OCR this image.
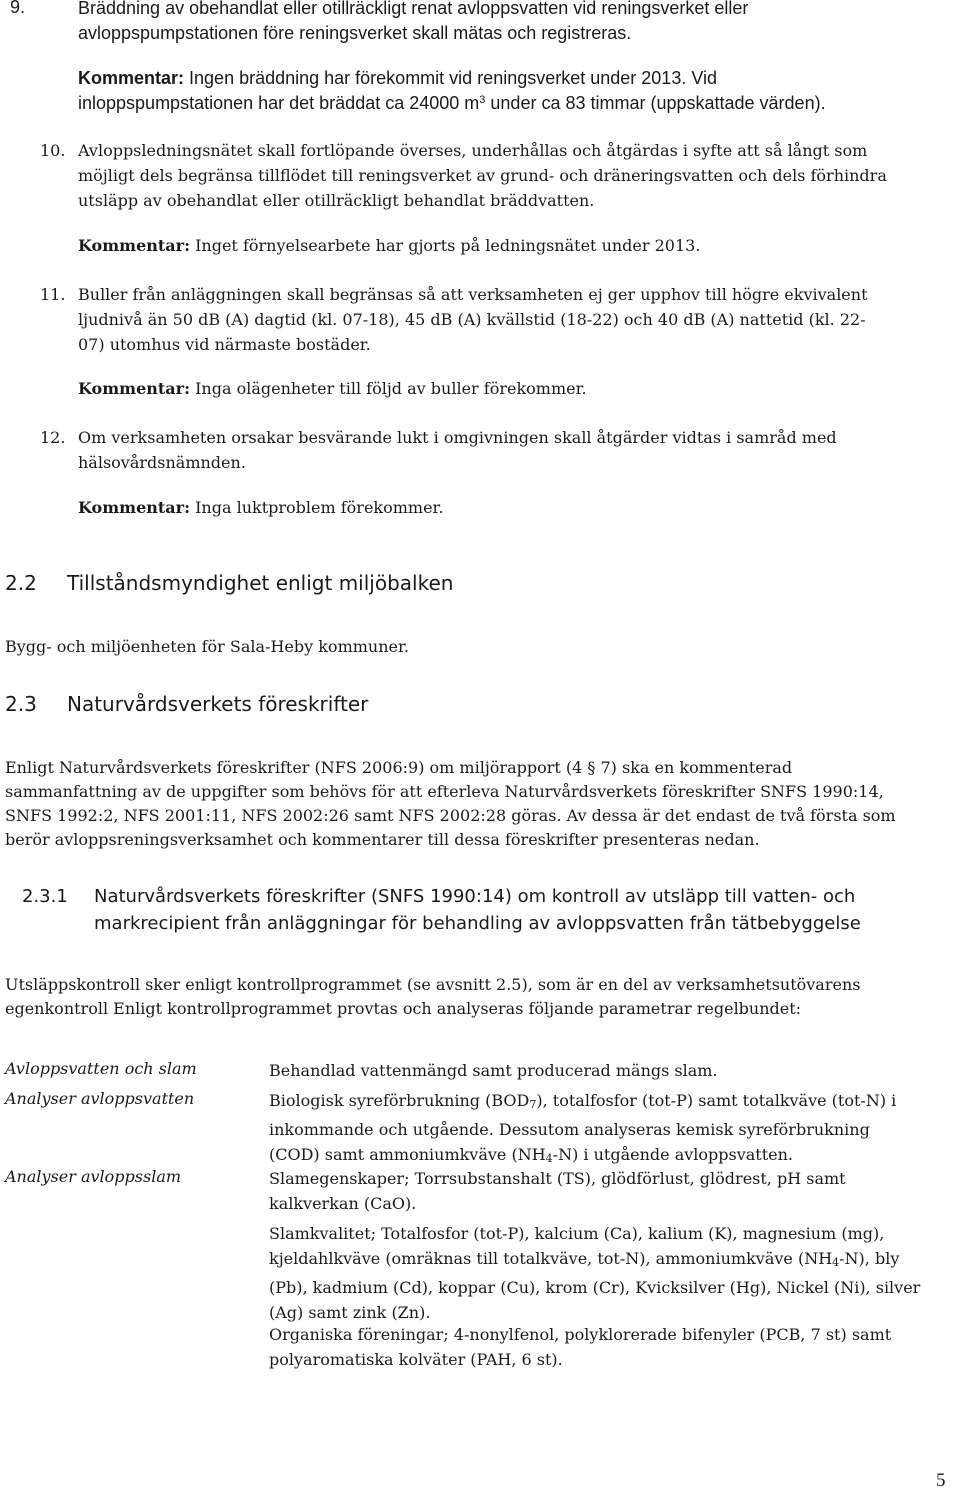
9.	Bräddning av obehandlat eller otillräckligt renat avloppsvatten vid reningsverket eller
avloppspumpstationen före reningsverket skall mätas och registreras.
Kommentar: Ingen bräddning har förekommit vid reningsverket under 2013. Vid
inloppspumpstationen har det bräddat ca 24000 $m^3$ under ca 83 timmar (uppskattade värden).
10. Avloppsledningsnätet skall fortlöpande överses, underhållas och åtgärdas i syfte att så långt som
möjligt dels begränsa tillflödet till reningsverket av grund- och dräneringsvatten och dels förhindra
utsläpp av obehandlat eller otillräckligt behandlat bräddvatten.
Kommentar: Inget förnyelsearbete har gjorts på ledningsnätet under 2013.
11. Buller från anläggningen skall begränsas så att verksamheten ej ger upphov till högre ekvivalent
ljudnivå än 50 dB (A) dagtid (kl. 07-18), 45 dB (A) kvällstid (18-22) och 40 dB (A) nattetid (kl. 22-
07) utomhus vid närmaste bostäder.
Kommentar: Inga olägenheter till följd av buller förekommer.
12. Om verksamheten orsakar besvärande lukt i omgivningen skall åtgärder vidtas i samråd med
hälsovårdsnämnden.
Kommentar: Inga luktproblem förekommer.
2.2 Tillståndsmyndighet enligt miljöbalken
Bygg- och miljöenheten för Sala-Heby kommuner.
2.3 Naturvårdsverkets föreskrifter
Enligt Naturvårdsverkets föreskrifter (NFS 2006:9) om miljörapport (4 § 7) ska en kommenterad
sammanfattning av de uppgifter som behövs för att efterleva Naturvårdsverkets föreskrifter SNFS 1990:14,
SNFS 1992:2, NFS 2001:11, NFS 2002:26 samt NFS 2002:28 göras. Av dessa är det endast de två första som
berör avloppsreningsverksamhet och kommentarer till dessa föreskrifter presenteras nedan.
2.3.1	Naturvårdsverkets föreskrifter (SNFS 1990:14) om kontroll av utsläpp till vatten- och
markrecipient från anläggningar för behandling av avloppsvatten från tätbebyggelse
Utsläppskontroll sker enligt kontrollprogrammet (se avsnitt 2.5), som är en del av verksamhetsutövarens
egenkontroll Enligt kontrollprogrammet provtas och analyseras följande parametrar regelbundet:
Avloppsvatten och slam	Behandlad vattenmängd samt producerad mängs slam.
Analyser avloppsvatten	Biologisk syreförbrukning (BOD7), totalfosfor (tot-P) samt totalkväve (tot-N) i
inkommande och utgående. Dessutom analyseras kemisk syreförbrukning
(COD) samt ammoniumkväve (NH4-N) i utgående avloppsvatten.
Analyser avloppsslam	Slamegenskaper; Torrsubstanshalt (TS), glödförlust, glödrest, pH samt
kalkverkan (CaO).
Slamkvalitet; Totalfosfor (tot-P), kalcium (Ca), kalium (K), magnesium (mg),
kjeldahlkväve (omräknas till totalkväve, tot-N), ammoniumkväve (NH4-N), bly
(Pb), kadmium (Cd), koppar (Cu), krom (Cr), Kvicksilver (Hg), Nickel (Ni), silver
(Ag) samt zink (Zn).
Organiska föreningar; 4-nonylfenol, polyklorerade bifenyler (PCB, 7 st) samt
polyaromatiska kolväter (PAH, 6 st).
5
